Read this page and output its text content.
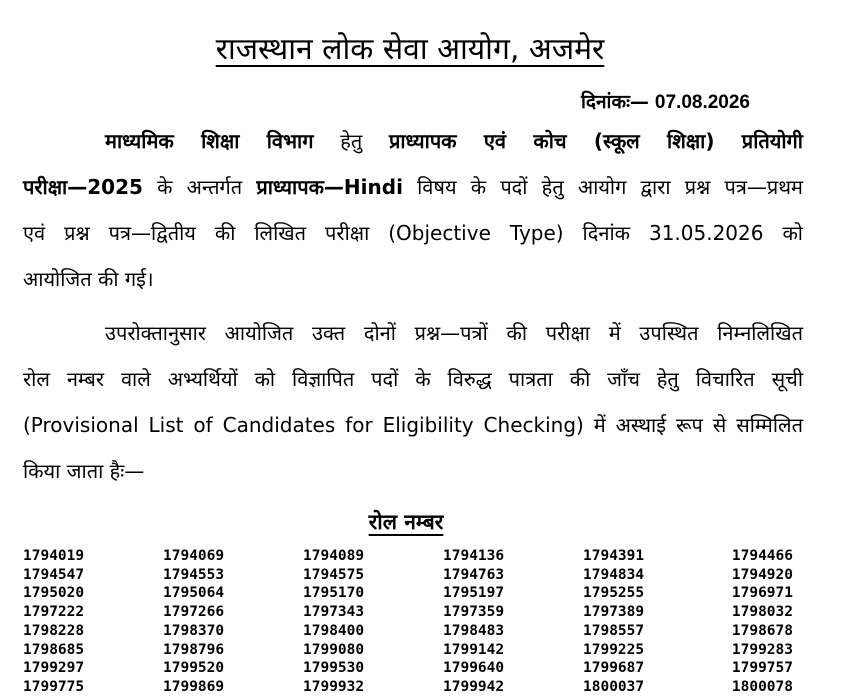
राजस्थान लोक सेवा आयोग, अजमेर
दिनांकः— 07.08.2026
माध्यमिक शिक्षा विभाग हेतु प्राध्यापक एवं कोच (स्कूल शिक्षा) प्रतियोगी
परीक्षा—2025 के अन्तर्गत प्राध्यापक—Hindi विषय के पदों हेतु आयोग द्वारा प्रश्न पत्र—प्रथम
एवं प्रश्न पत्र—द्वितीय की लिखित परीक्षा (Objective Type) दिनांक 31.05.2026 को
आयोजित की गई।
उपरोक्तानुसार आयोजित उक्त दोनों प्रश्न—पत्रों की परीक्षा में उपस्थित निम्नलिखित
रोल नम्बर वाले अभ्यर्थियों को विज्ञापित पदों के विरुद्ध पात्रता की जाँच हेतु विचारित सूची
(Provisional List of Candidates for Eligibility Checking) में अस्थाई रूप से सम्मिलित
किया जाता हैः—
रोल नम्बर
1794019	1794069	1794089	1794136	1794391	1794466
1794547	1794553	1794575	1794763	1794834	1794920
1795020	1795064	1795170	1795197	1795255	1796971
1797222	1797266	1797343	1797359	1797389	1798032
1798228	1798370	1798400	1798483	1798557	1798678
1798685	1798796	1799080	1799142	1799225	1799283
1799297	1799520	1799530	1799640	1799687	1799757
1799775	1799869	1799932	1799942	1800037	1800078
